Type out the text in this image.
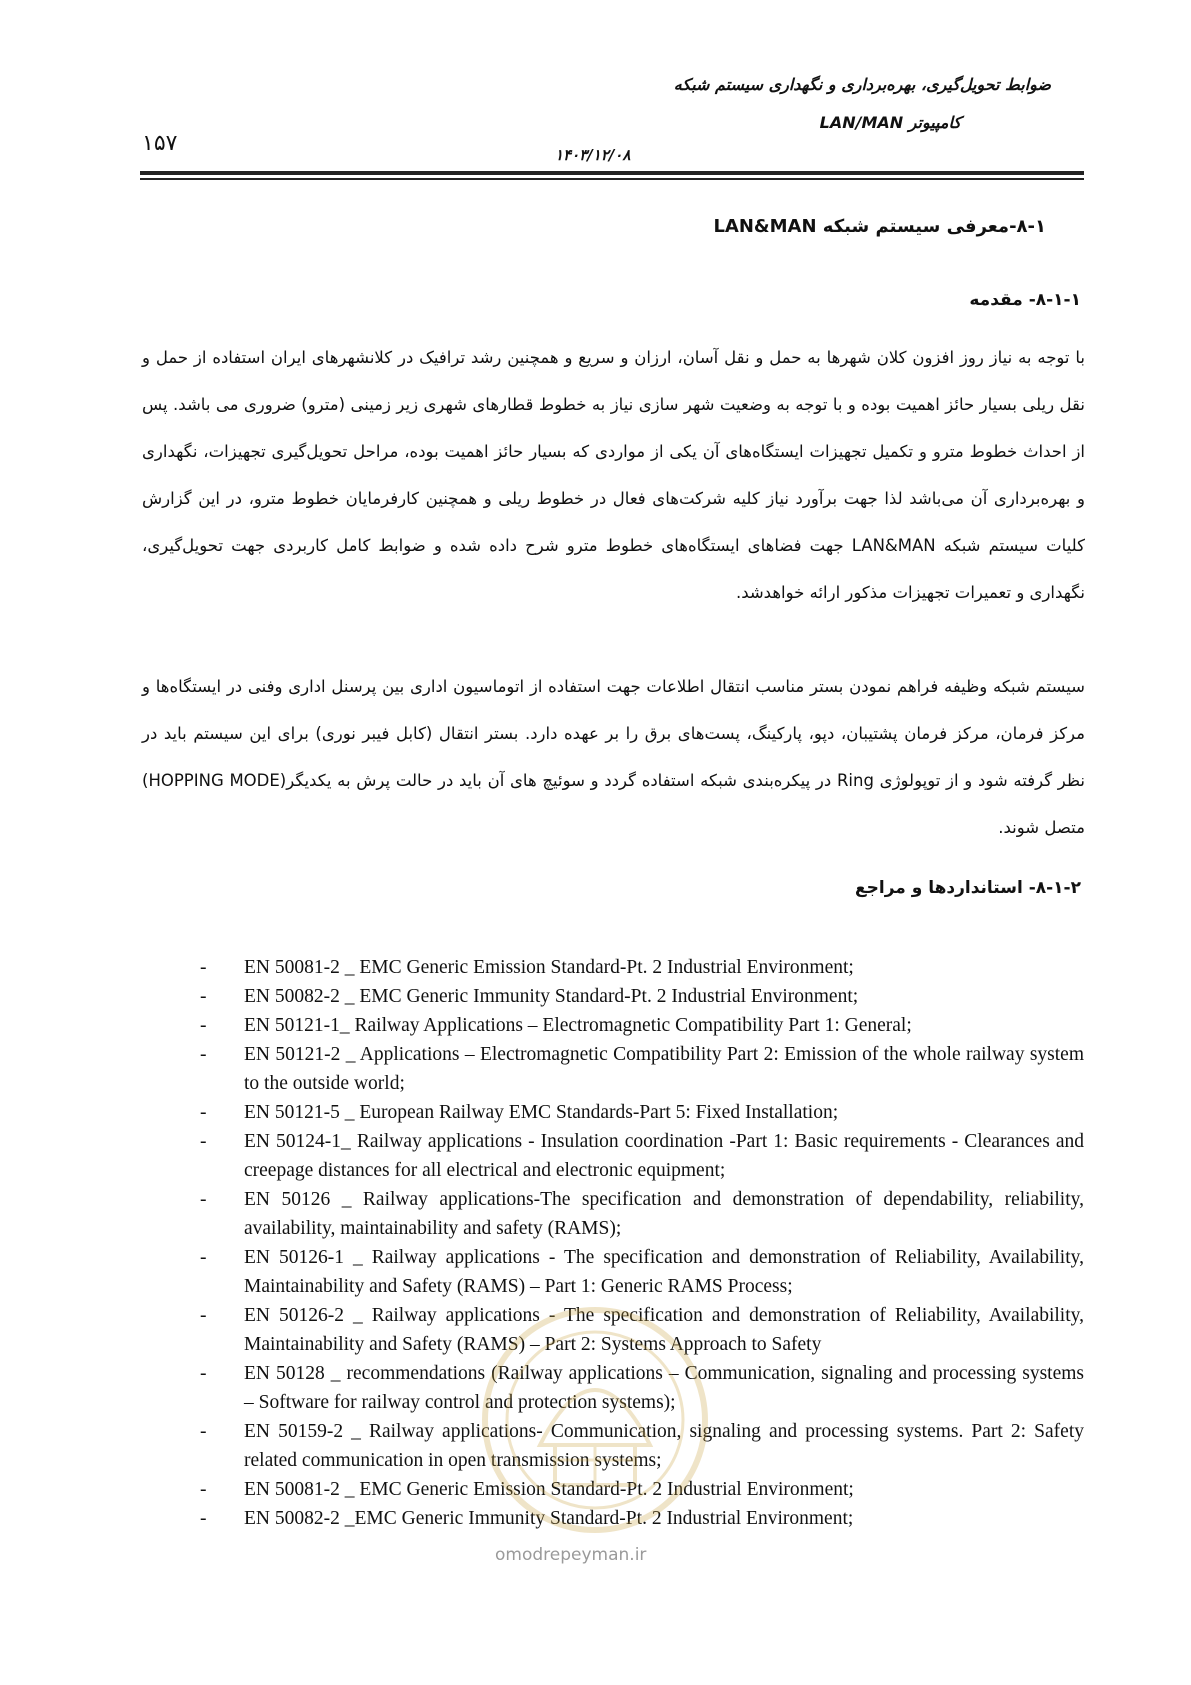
ضوابط تحویل‌گیری، بهره‌برداری و نگهداری سیستم شبکه
کامپیوتر LAN/MAN
۱۴۰۳/۱۲/۰۸
۱۵۷
۸-۱-معرفی سیستم شبکه LAN&MAN
۸-۱-۱- مقدمه
با توجه به نیاز روز افزون کلان شهرها به حمل و نقل آسان، ارزان و سریع و همچنین رشد ترافیک در کلانشهرهای ایران استفاده از حمل و نقل ریلی بسیار حائز اهمیت بوده و با توجه به وضعیت شهر سازی نیاز به خطوط قطارهای شهری زیر زمینی (مترو) ضروری می باشد. پس از احداث خطوط مترو و تکمیل تجهیزات ایستگاه‌های آن یکی از مواردی که بسیار حائز اهمیت بوده، مراحل تحویل‌گیری تجهیزات، نگهداری و بهره‌برداری آن می‌باشد لذا جهت برآورد نیاز کلیه شرکت‌های فعال در خطوط ریلی و همچنین کارفرمایان خطوط مترو، در این گزارش کلیات سیستم شبکه LAN&MAN جهت فضاهای ایستگاه‌های خطوط مترو شرح داده شده و ضوابط کامل کاربردی جهت تحویل‌گیری، نگهداری و تعمیرات تجهیزات مذکور ارائه خواهدشد.
سیستم شبکه وظیفه فراهم نمودن بستر مناسب انتقال اطلاعات جهت استفاده از اتوماسیون اداری بین پرسنل اداری وفنی در ایستگاه‌ها و مرکز فرمان، مرکز فرمان پشتیبان، دپو، پارکینگ، پست‌های برق را بر عهده دارد. بستر انتقال (کابل فیبر نوری) برای این سیستم باید در نظر گرفته شود و از توپولوژی Ring در پیکره‌بندی شبکه استفاده گردد و سوئیچ های آن باید در حالت پرش به یکدیگر(HOPPING MODE) متصل شوند.
۸-۱-۲- استانداردها و مراجع
- EN 50081-2 _ EMC Generic Emission Standard-Pt. 2 Industrial Environment;
- EN 50082-2 _ EMC Generic Immunity Standard-Pt. 2 Industrial Environment;
- EN 50121-1_ Railway Applications – Electromagnetic Compatibility Part 1: General;
- EN 50121-2 _ Applications – Electromagnetic Compatibility Part 2: Emission of the whole railway system to the outside world;
- EN 50121-5 _ European Railway EMC Standards-Part 5: Fixed Installation;
- EN 50124-1_ Railway applications - Insulation coordination -Part 1: Basic requirements - Clearances and creepage distances for all electrical and electronic equipment;
- EN 50126 _ Railway applications-The specification and demonstration of dependability, reliability, availability, maintainability and safety (RAMS);
- EN 50126-1 _ Railway applications - The specification and demonstration of Reliability, Availability, Maintainability and Safety (RAMS) – Part 1: Generic RAMS Process;
- EN 50126-2 _ Railway applications - The specification and demonstration of Reliability, Availability, Maintainability and Safety (RAMS) – Part 2: Systems Approach to Safety
- EN 50128 _ recommendations (Railway applications – Communication, signaling and processing systems – Software for railway control and protection systems);
- EN 50159-2 _ Railway applications- Communication, signaling and processing systems. Part 2: Safety related communication in open transmission systems;
- EN 50081-2 _ EMC Generic Emission Standard-Pt. 2 Industrial Environment;
- EN 50082-2 _EMC Generic Immunity Standard-Pt. 2 Industrial Environment;
omodrepeyman.ir
